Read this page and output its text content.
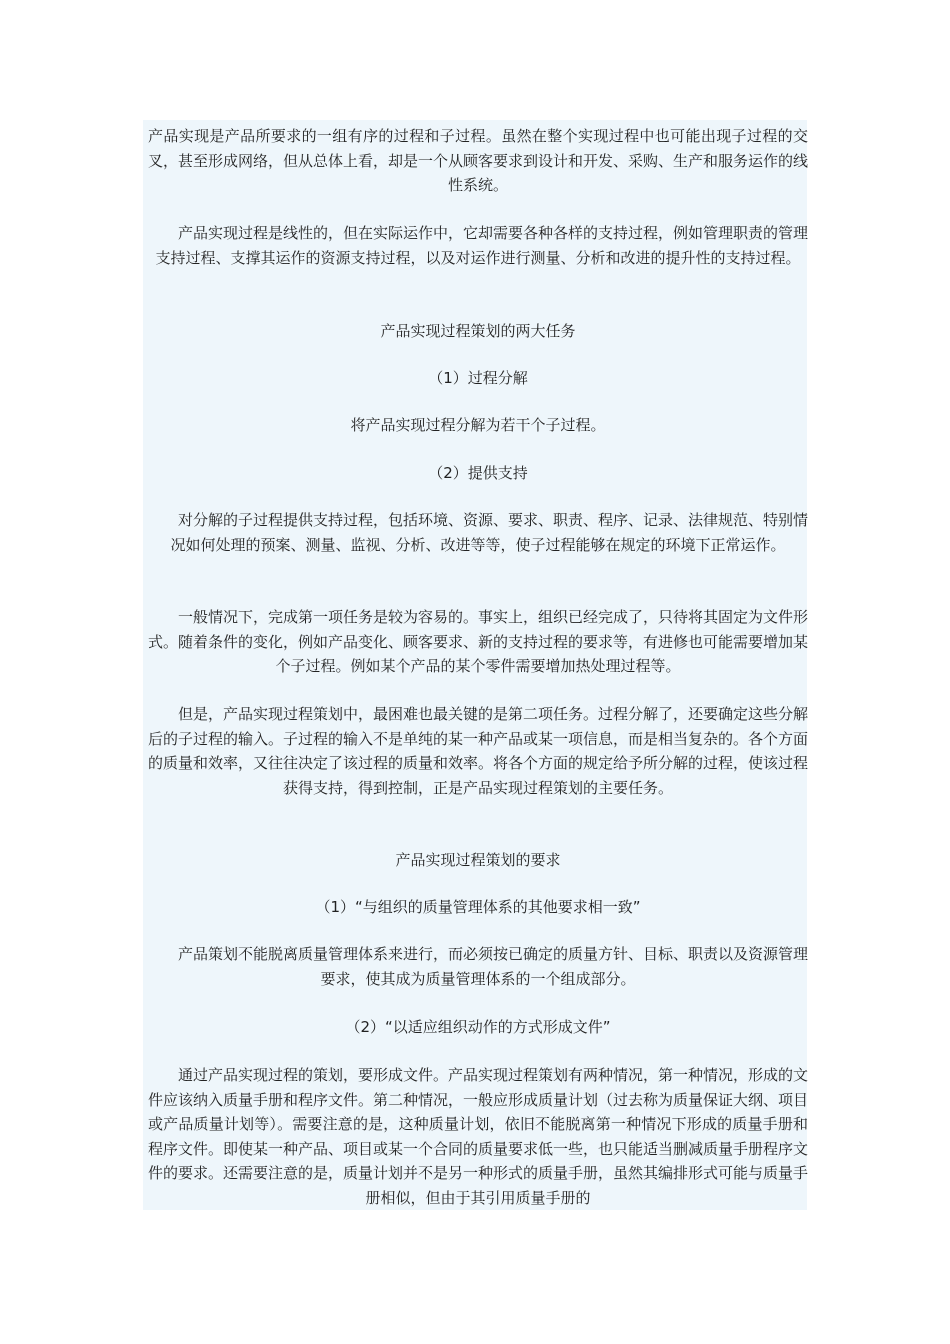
产品实现是产品所要求的一组有序的过程和子过程。虽然在整个实现过程中也可能出现子过程的交叉，甚至形成网络，但从总体上看，却是一个从顾客要求到设计和开发、采购、生产和服务运作的线性系统。

产品实现过程是线性的，但在实际运作中，它却需要各种各样的支持过程，例如管理职责的管理支持过程、支撑其运作的资源支持过程，以及对运作进行测量、分析和改进的提升性的支持过程。

产品实现过程策划的两大任务

（1）过程分解

将产品实现过程分解为若干个子过程。

（2）提供支持

对分解的子过程提供支持过程，包括环境、资源、要求、职责、程序、记录、法律规范、特别情况如何处理的预案、测量、监视、分析、改进等等，使子过程能够在规定的环境下正常运作。

一般情况下，完成第一项任务是较为容易的。事实上，组织已经完成了，只待将其固定为文件形式。随着条件的变化，例如产品变化、顾客要求、新的支持过程的要求等，有进修也可能需要增加某个子过程。例如某个产品的某个零件需要增加热处理过程等。

但是，产品实现过程策划中，最困难也最关键的是第二项任务。过程分解了，还要确定这些分解后的子过程的输入。子过程的输入不是单纯的某一种产品或某一项信息，而是相当复杂的。各个方面的质量和效率，又往往决定了该过程的质量和效率。将各个方面的规定给予所分解的过程，使该过程获得支持，得到控制，正是产品实现过程策划的主要任务。

产品实现过程策划的要求

（1）“与组织的质量管理体系的其他要求相一致”

产品策划不能脱离质量管理体系来进行，而必须按已确定的质量方针、目标、职责以及资源管理要求，使其成为质量管理体系的一个组成部分。

（2）“以适应组织动作的方式形成文件”

通过产品实现过程的策划，要形成文件。产品实现过程策划有两种情况，第一种情况，形成的文件应该纳入质量手册和程序文件。第二种情况，一般应形成质量计划（过去称为质量保证大纲、项目或产品质量计划等）。需要注意的是，这种质量计划，依旧不能脱离第一种情况下形成的质量手册和程序文件。即使某一种产品、项目或某一个合同的质量要求低一些，也只能适当删减质量手册程序文件的要求。还需要注意的是，质量计划并不是另一种形式的质量手册，虽然其编排形式可能与质量手册相似，但由于其引用质量手册的
